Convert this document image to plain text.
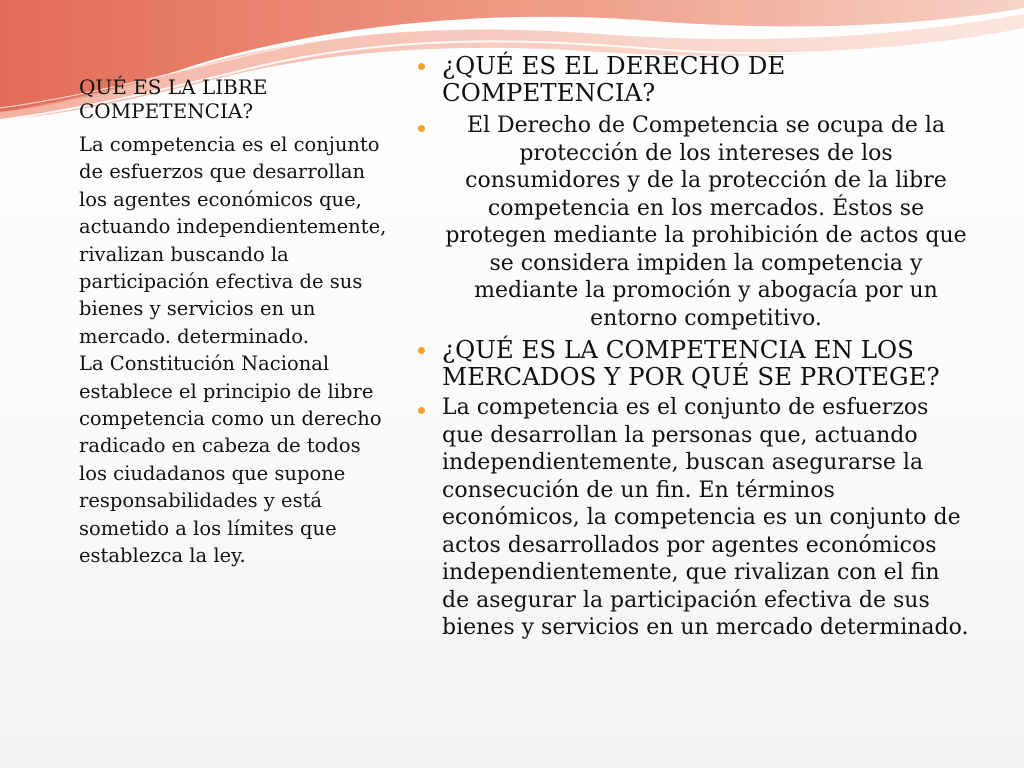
QUÉ ES LA LIBRE COMPETENCIA?

La competencia es el conjunto de esfuerzos que desarrollan los agentes económicos que, actuando independientemente, rivalizan buscando la participación efectiva de sus bienes y servicios en un mercado. determinado.
La Constitución Nacional establece el principio de libre competencia como un derecho radicado en cabeza de todos los ciudadanos que supone responsabilidades y está sometido a los límites que establezca la ley.

¿QUÉ ES EL DERECHO DE COMPETENCIA?

El Derecho de Competencia se ocupa de la protección de los intereses de los consumidores y de la protección de la libre competencia en los mercados. Éstos se protegen mediante la prohibición de actos que se considera impiden la competencia y mediante la promoción y abogacía por un entorno competitivo.

¿QUÉ ES LA COMPETENCIA EN LOS MERCADOS Y POR QUÉ SE PROTEGE?

La competencia es el conjunto de esfuerzos que desarrollan la personas que, actuando independientemente, buscan asegurarse la consecución de un fin. En términos económicos, la competencia es un conjunto de actos desarrollados por agentes económicos independientemente, que rivalizan con el fin de asegurar la participación efectiva de sus bienes y servicios en un mercado determinado.
